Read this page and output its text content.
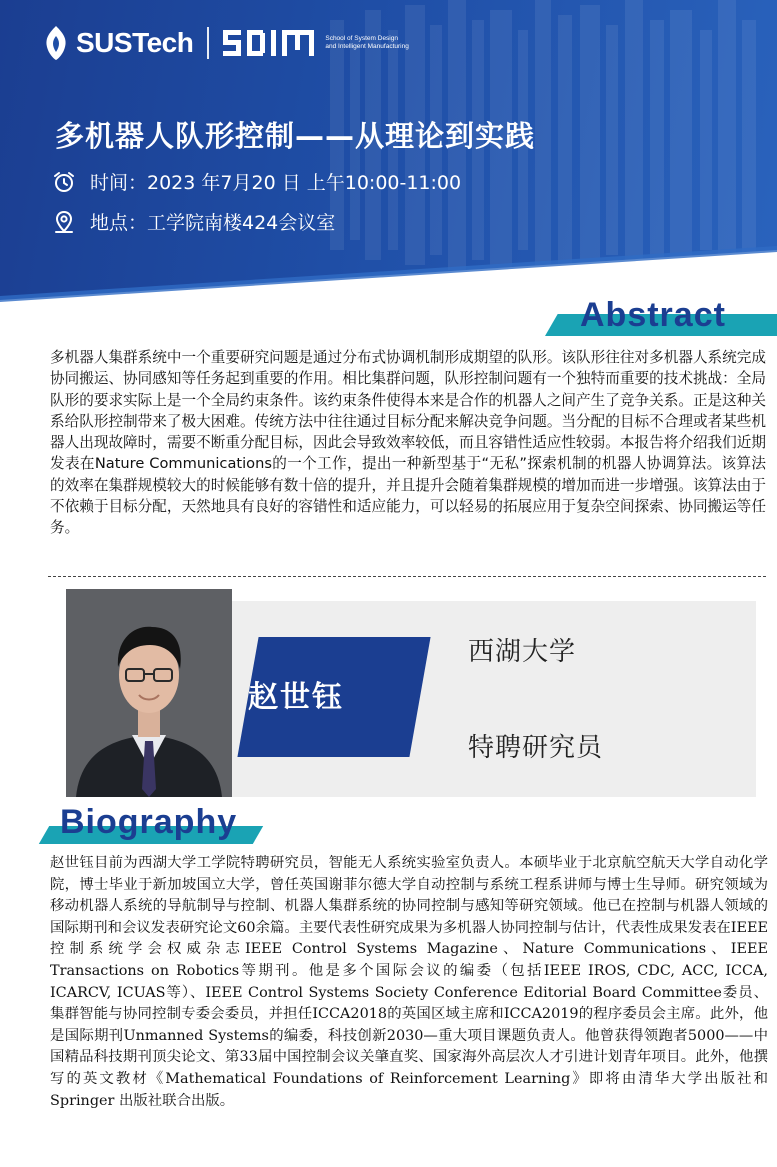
SUSTech	School of System Design and Intelligent Manufacturing
多机器人队形控制——从理论到实践
时间：2023 年7月20 日 上午10:00-11:00
地点：工学院南楼424会议室
Abstract
多机器人集群系统中一个重要研究问题是通过分布式协调机制形成期望的队形。该队形往往对多机器人系统完成协同搬运、协同感知等任务起到重要的作用。相比集群问题，队形控制问题有一个独特而重要的技术挑战：全局队形的要求实际上是一个全局约束条件。该约束条件使得本来是合作的机器人之间产生了竞争关系。正是这种关系给队形控制带来了极大困难。传统方法中往往通过目标分配来解决竞争问题。当分配的目标不合理或者某些机器人出现故障时，需要不断重分配目标，因此会导致效率较低，而且容错性适应性较弱。本报告将介绍我们近期发表在Nature Communications的一个工作，提出一种新型基于“无私”探索机制的机器人协调算法。该算法的效率在集群规模较大的时候能够有数十倍的提升，并且提升会随着集群规模的增加而进一步增强。该算法由于不依赖于目标分配，天然地具有良好的容错性和适应能力，可以轻易的拓展应用于复杂空间探索、协同搬运等任务。
赵世钰
西湖大学
特聘研究员
Biography
赵世钰目前为西湖大学工学院特聘研究员，智能无人系统实验室负责人。本硕毕业于北京航空航天大学自动化学院，博士毕业于新加坡国立大学，曾任英国谢菲尔德大学自动控制与系统工程系讲师与博士生导师。研究领域为移动机器人系统的导航制导与控制、机器人集群系统的协同控制与感知等研究领域。他已在控制与机器人领域的国际期刊和会议发表研究论文60余篇。主要代表性研究成果为多机器人协同控制与估计，代表性成果发表在IEEE控制系统学会权威杂志IEEE Control Systems Magazine、Nature Communications、IEEE Transactions on Robotics等期刊。他是多个国际会议的编委（包括IEEE IROS, CDC, ACC, ICCA, ICARCV, ICUAS等）、IEEE Control Systems Society Conference Editorial Board Committee委员、集群智能与协同控制专委会委员，并担任ICCA2018的英国区域主席和ICCA2019的程序委员会主席。此外，他是国际期刊Unmanned Systems的编委，科技创新2030—重大项目课题负责人。他曾获得领跑者5000——中国精品科技期刊顶尖论文、第33届中国控制会议关肇直奖、国家海外高层次人才引进计划青年项目。此外，他撰写的英文教材《Mathematical Foundations of Reinforcement Learning》即将由清华大学出版社和Springer 出版社联合出版。
